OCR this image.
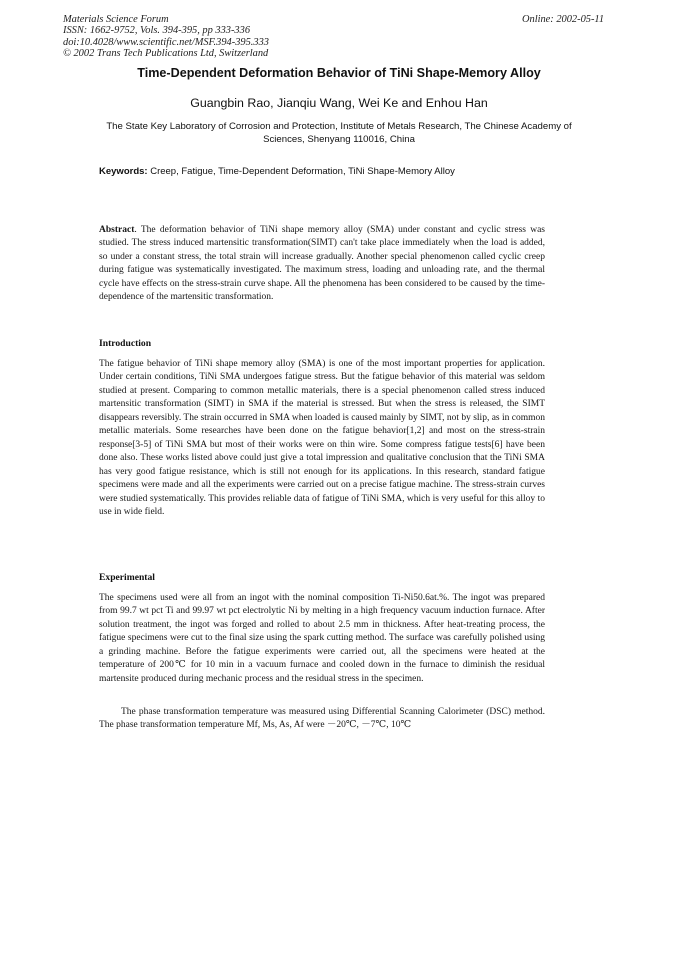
Materials Science Forum
ISSN: 1662-9752, Vols. 394-395, pp 333-336
doi:10.4028/www.scientific.net/MSF.394-395.333
© 2002 Trans Tech Publications Ltd, Switzerland
Online: 2002-05-11
Time-Dependent Deformation Behavior of TiNi Shape-Memory Alloy
Guangbin Rao, Jianqiu Wang, Wei Ke and Enhou Han
The State Key Laboratory of Corrosion and Protection, Institute of Metals Research, The Chinese Academy of Sciences, Shenyang 110016, China
Keywords: Creep, Fatigue, Time-Dependent Deformation, TiNi Shape-Memory Alloy
Abstract. The deformation behavior of TiNi shape memory alloy (SMA) under constant and cyclic stress was studied. The stress induced martensitic transformation(SIMT) can't take place immediately when the load is added, so under a constant stress, the total strain will increase gradually. Another special phenomenon called cyclic creep during fatigue was systematically investigated. The maximum stress, loading and unloading rate, and the thermal cycle have effects on the stress-strain curve shape. All the phenomena has been considered to be caused by the time-dependence of the martensitic transformation.
Introduction
The fatigue behavior of TiNi shape memory alloy (SMA) is one of the most important properties for application. Under certain conditions, TiNi SMA undergoes fatigue stress. But the fatigue behavior of this material was seldom studied at present. Comparing to common metallic materials, there is a special phenomenon called stress induced martensitic transformation (SIMT) in SMA if the material is stressed. But when the stress is released, the SIMT disappears reversibly. The strain occurred in SMA when loaded is caused mainly by SIMT, not by slip, as in common metallic materials. Some researches have been done on the fatigue behavior[1,2] and most on the stress-strain response[3-5] of TiNi SMA but most of their works were on thin wire. Some compress fatigue tests[6] have been done also. These works listed above could just give a total impression and qualitative conclusion that the TiNi SMA has very good fatigue resistance, which is still not enough for its applications. In this research, standard fatigue specimens were made and all the experiments were carried out on a precise fatigue machine. The stress-strain curves were studied systematically. This provides reliable data of fatigue of TiNi SMA, which is very useful for this alloy to use in wide field.
Experimental
The specimens used were all from an ingot with the nominal composition Ti-Ni50.6at.%. The ingot was prepared from 99.7 wt pct Ti and 99.97 wt pct electrolytic Ni by melting in a high frequency vacuum induction furnace. After solution treatment, the ingot was forged and rolled to about 2.5 mm in thickness. After heat-treating process, the fatigue specimens were cut to the final size using the spark cutting method. The surface was carefully polished using a grinding machine. Before the fatigue experiments were carried out, all the specimens were heated at the temperature of 200℃ for 10 min in a vacuum furnace and cooled down in the furnace to diminish the residual martensite produced during mechanic process and the residual stress in the specimen.
The phase transformation temperature was measured using Differential Scanning Calorimeter (DSC) method. The phase transformation temperature Mf, Ms, As, Af were －20℃, －7℃, 10℃
